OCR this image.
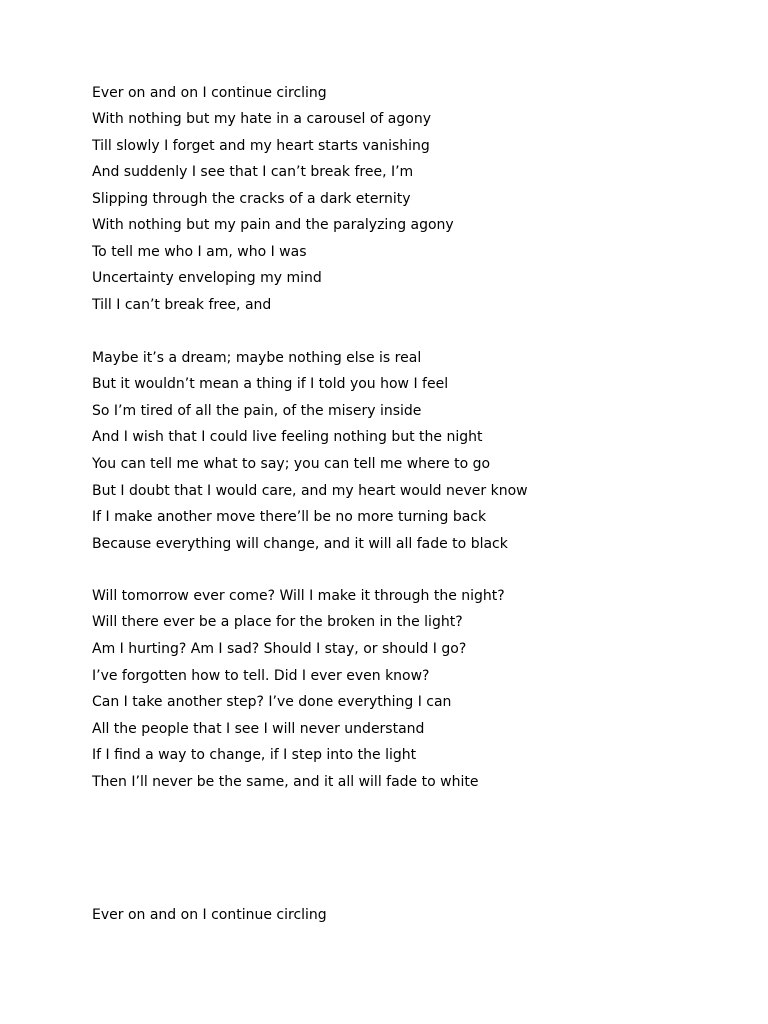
Ever on and on I continue circling
With nothing but my hate in a carousel of agony
Till slowly I forget and my heart starts vanishing
And suddenly I see that I can’t break free, I’m
Slipping through the cracks of a dark eternity
With nothing but my pain and the paralyzing agony
To tell me who I am, who I was
Uncertainty enveloping my mind
Till I can’t break free, and
Maybe it’s a dream; maybe nothing else is real
But it wouldn’t mean a thing if I told you how I feel
So I’m tired of all the pain, of the misery inside
And I wish that I could live feeling nothing but the night
You can tell me what to say; you can tell me where to go
But I doubt that I would care, and my heart would never know
If I make another move there’ll be no more turning back
Because everything will change, and it will all fade to black
Will tomorrow ever come? Will I make it through the night?
Will there ever be a place for the broken in the light?
Am I hurting? Am I sad? Should I stay, or should I go?
I’ve forgotten how to tell. Did I ever even know?
Can I take another step? I’ve done everything I can
All the people that I see I will never understand
If I find a way to change, if I step into the light
Then I’ll never be the same, and it all will fade to white
Ever on and on I continue circling
